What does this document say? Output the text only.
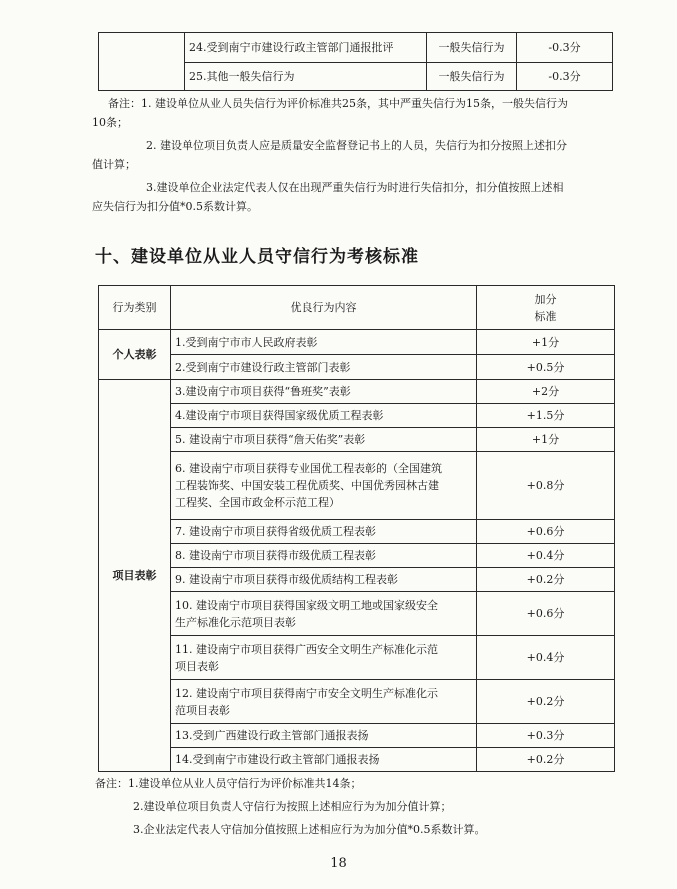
	24.受到南宁市建设行政主管部门通报批评	一般失信行为	-0.3分
	25.其他一般失信行为	一般失信行为	-0.3分
备注：1. 建设单位从业人员失信行为评价标准共25条，其中严重失信行为15条，一般失信行为
10条；
2. 建设单位项目负责人应是质量安全监督登记书上的人员，失信行为扣分按照上述扣分
值计算；
3.建设单位企业法定代表人仅在出现严重失信行为时进行失信扣分，扣分值按照上述相
应失信行为扣分值*0.5系数计算。
十、建设单位从业人员守信行为考核标准
行为类别	优良行为内容	加分
标准

个人表彰	1.受到南宁市市人民政府表彰	+1分
	2.受到南宁市建设行政主管部门表彰	+0.5分
项目表彰	3.建设南宁市项目获得“鲁班奖”表彰	+2分
	4.建设南宁市项目获得国家级优质工程表彰	+1.5分
	5. 建设南宁市项目获得“詹天佑奖”表彰	+1分

	6. 建设南宁市项目获得专业国优工程表彰的（全国建筑
工程装饰奖、中国安装工程优质奖、中国优秀园林古建
工程奖、全国市政金杯示范工程）	+0.8分
	7. 建设南宁市项目获得省级优质工程表彰	+0.6分
	8. 建设南宁市项目获得市级优质工程表彰	+0.4分
	9. 建设南宁市项目获得市级优质结构工程表彰	+0.2分

	10. 建设南宁市项目获得国家级文明工地或国家级安全
生产标准化示范项目表彰	+0.6分

	11. 建设南宁市项目获得广西安全文明生产标准化示范
项目表彰	+0.4分

	12. 建设南宁市项目获得南宁市安全文明生产标准化示
范项目表彰	+0.2分
	13.受到广西建设行政主管部门通报表扬	+0.3分
	14.受到南宁市建设行政主管部门通报表扬	+0.2分
备注：1.建设单位从业人员守信行为评价标准共14条；
2.建设单位项目负责人守信行为按照上述相应行为为加分值计算；
3.企业法定代表人守信加分值按照上述相应行为为加分值*0.5系数计算。
18
